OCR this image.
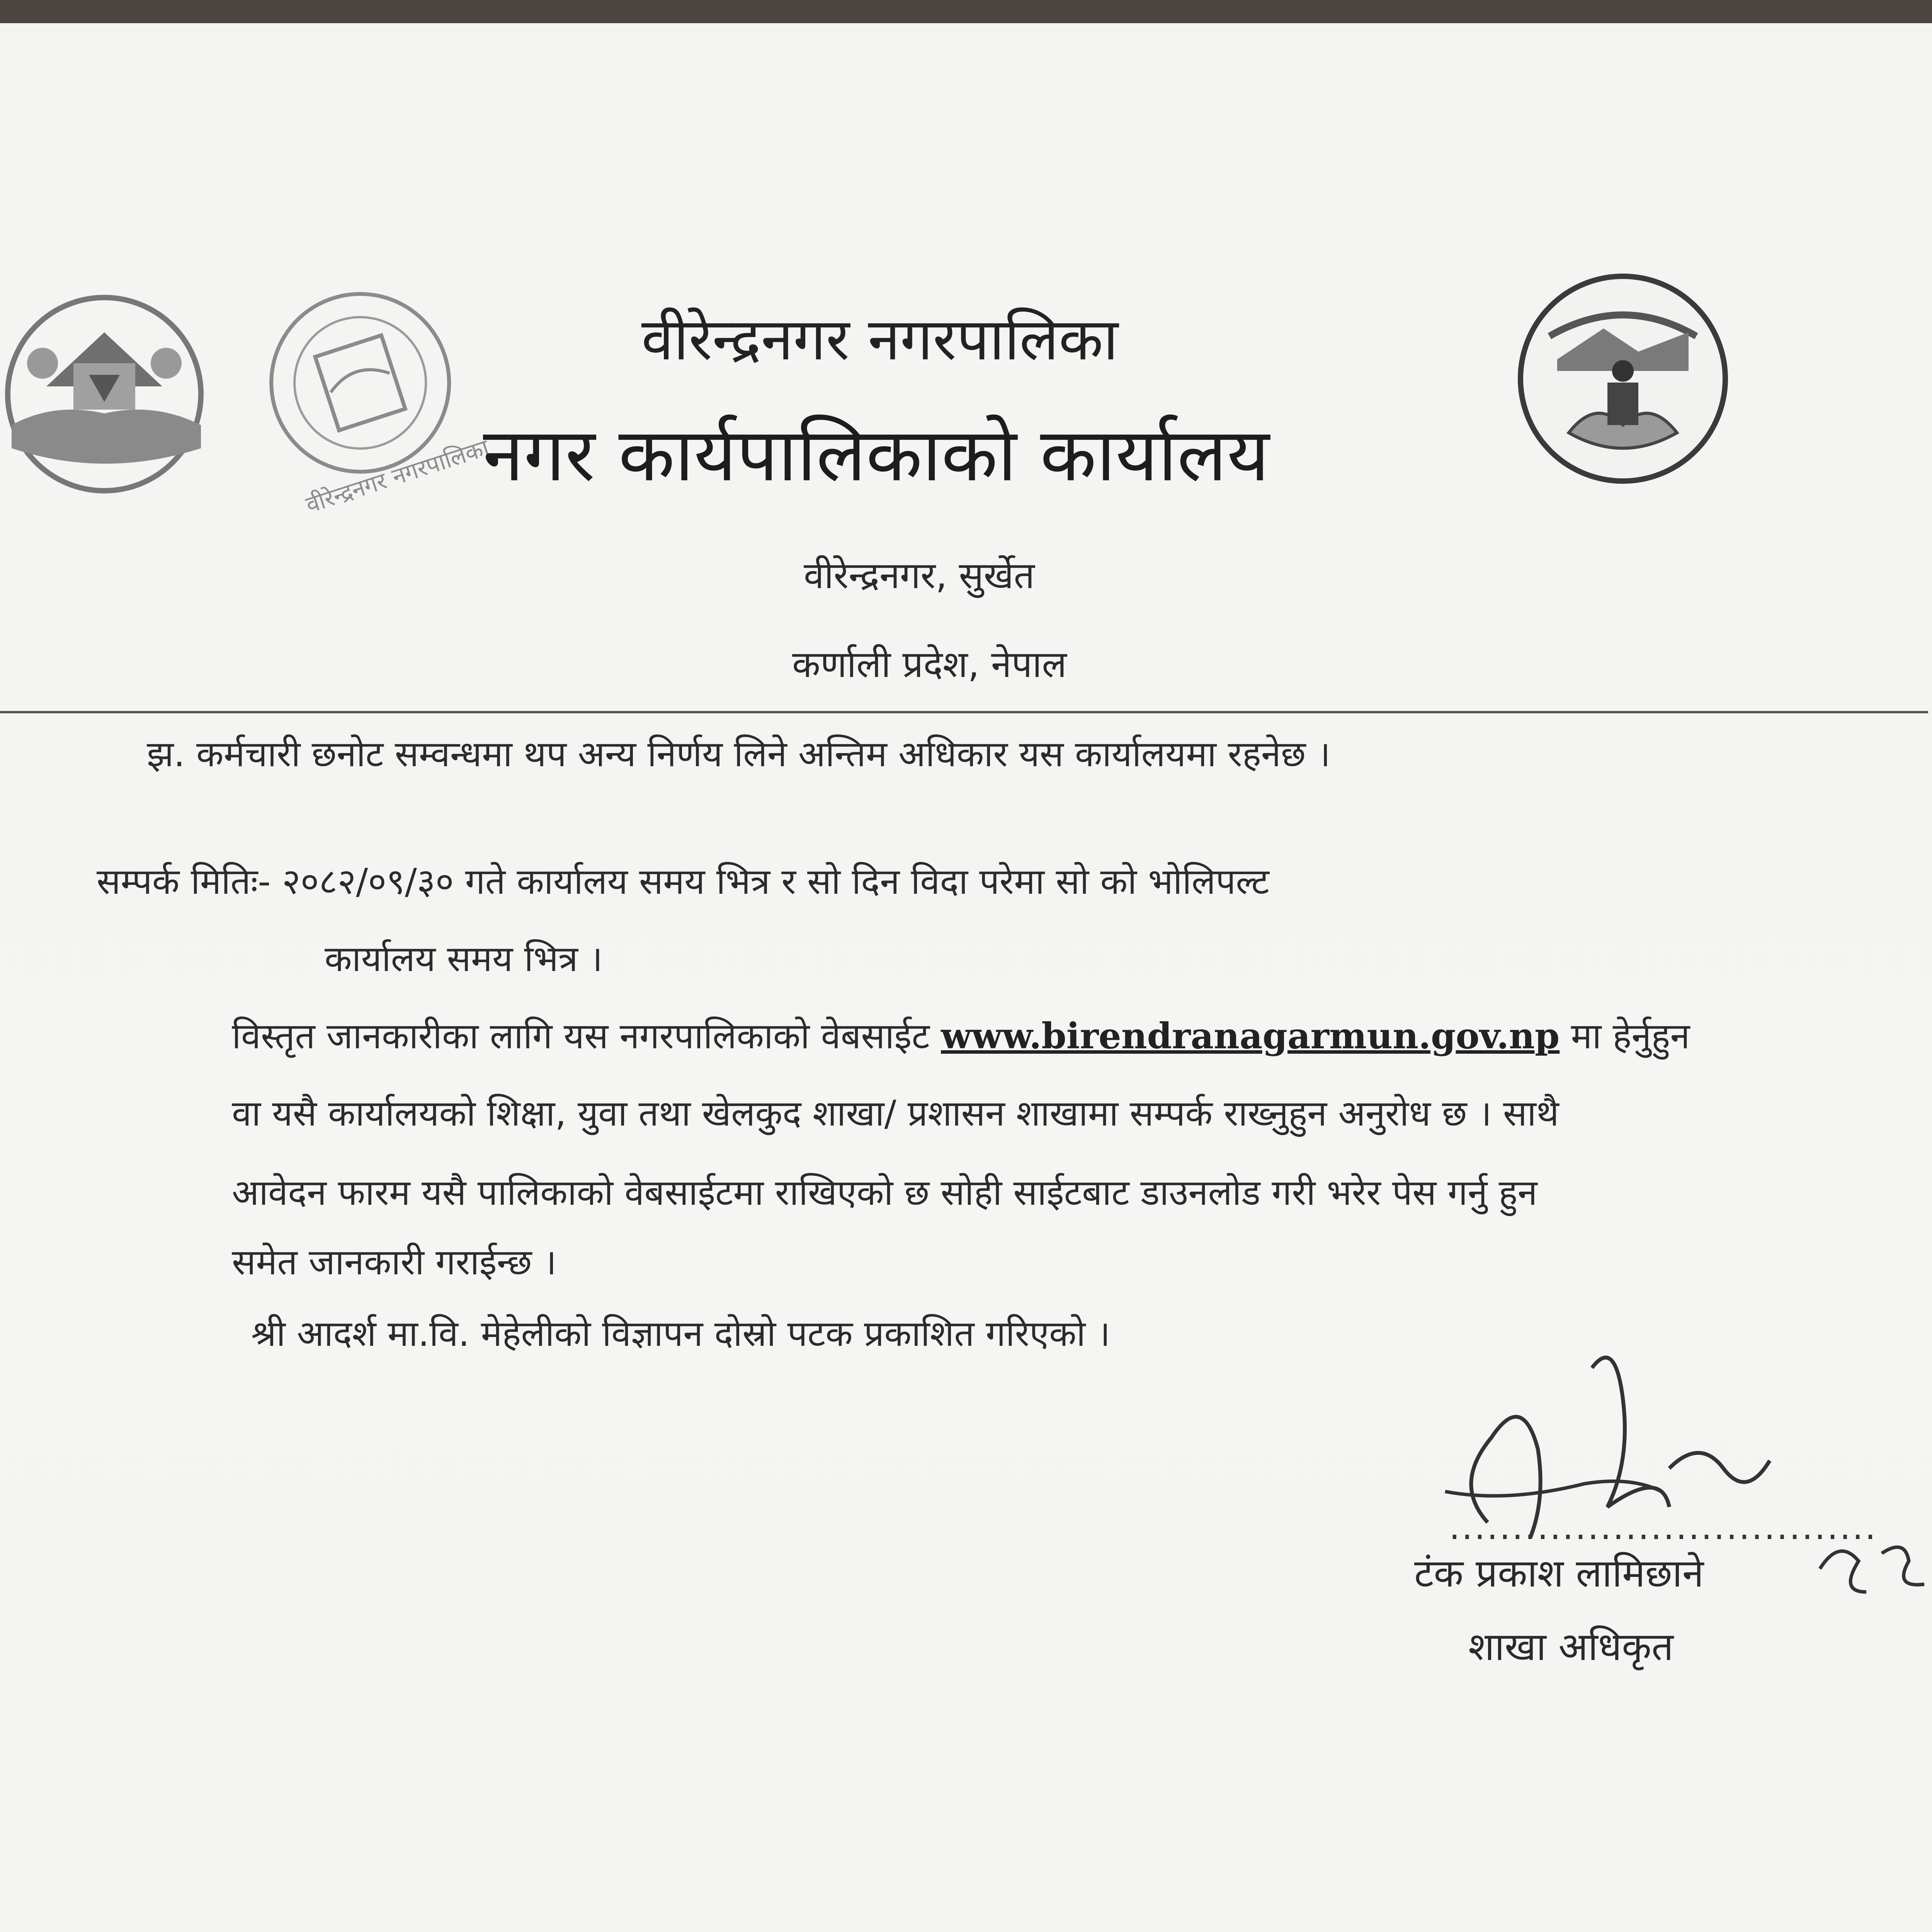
वीरेन्द्रनगर नगरपालिका
वीरेन्द्रनगर नगरपालिका
नगर कार्यपालिकाको कार्यालय
वीरेन्द्रनगर, सुर्खेत
कर्णाली प्रदेश, नेपाल
झ. कर्मचारी छनोट सम्वन्धमा थप अन्य निर्णय लिने अन्तिम अधिकार यस कार्यालयमा रहनेछ ।
सम्पर्क मितिः- २०८२/०९/३० गते कार्यालय समय भित्र र सो दिन विदा परेमा सो को भोलिपल्ट
कार्यालय समय भित्र ।
विस्तृत जानकारीका लागि यस नगरपालिकाको वेबसाईट www.birendranagarmun.gov.np मा हेर्नुहुन
वा यसै कार्यालयको शिक्षा, युवा तथा खेलकुद शाखा/ प्रशासन शाखामा सम्पर्क राख्नुहुन अनुरोध छ । साथै
आवेदन फारम यसै पालिकाको वेबसाईटमा राखिएको छ सोही साईटबाट डाउनलोड गरी भरेर पेस गर्नु हुन
समेत जानकारी गराईन्छ ।
श्री आदर्श मा.वि. मेहेलीको विज्ञापन दोस्रो पटक प्रकाशित गरिएको ।
..................................
टंक प्रकाश लामिछाने
शाखा अधिकृत
